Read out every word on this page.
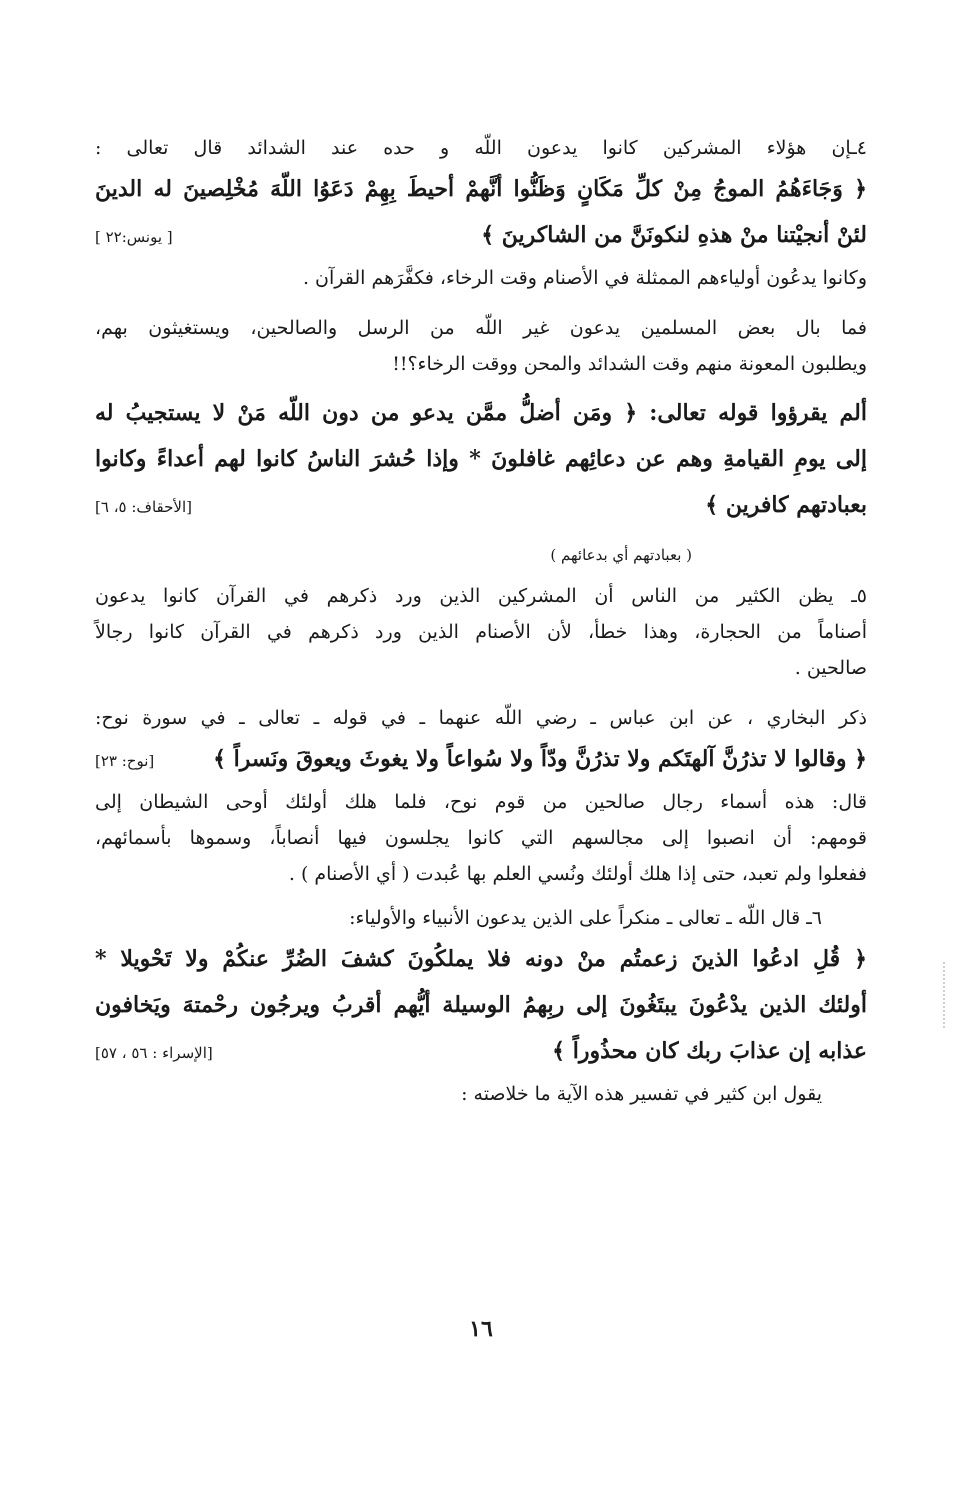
٤ـإن هؤلاء المشركين كانوا يدعون اللّه و حده عند الشدائد قال تعالى :

﴿ وَجَاءَهُمُ الموجُ مِنْ كلِّ مَكَانٍ وَظَنُّوا أنَّهمْ أحيطَ بِهِمْ دَعَوُا اللّهَ مُخْلِصينَ له الدينَ

لئنْ أنجيْتنا منْ هذهِ لنكونَنَّ من الشاكرينَ ﴾
[ يونس:٢٢ ]

وكانوا يدعُون أولياءهم الممثلة في الأصنام وقت الرخاء، فكفَّرَهم القرآن .

فما بال بعض المسلمين يدعون غير اللّه من الرسل والصالحين، ويستغيثون بهم،

ويطلبون المعونة منهم وقت الشدائد والمحن ووقت الرخاء؟!!

ألم يقرؤوا قوله تعالى: ﴿ ومَن أضلُّ ممَّن يدعو من دون اللّه مَنْ لا يستجيبُ له

إلى يومِ القيامةِ وهم عن دعائِهم غافلونَ * وإذا حُشرَ الناسُ كانوا لهم أعداءً وكانوا

بعبادتهم كافرين ﴾
[الأحقاف: ٥، ٦]

( بعبادتهم أي بدعائهم )

٥ـ يظن الكثير من الناس أن المشركين الذين ورد ذكرهم في القرآن كانوا يدعون

أصناماً من الحجارة، وهذا خطأ، لأن الأصنام الذين ورد ذكرهم في القرآن كانوا رجالاً

صالحين .

ذكر البخاري ، عن ابن عباس ـ رضي اللّه عنهما ـ في قوله ـ تعالى ـ في سورة نوح:

﴿ وقالوا لا تذرُنَّ آلهتَكم ولا تذرُنَّ ودّاً ولا سُواعاً ولا يغوثَ ويعوقَ ونَسراً ﴾
[نوح: ٢٣]

قال: هذه أسماء رجال صالحين من قوم نوح، فلما هلك أولئك أوحى الشيطان إلى

قومهم: أن انصبوا إلى مجالسهم التي كانوا يجلسون فيها أنصاباً، وسموها بأسمائهم،

ففعلوا ولم تعبد، حتى إذا هلك أولئك ونُسي العلم بها عُبدت ( أي الأصنام ) .

٦ـ قال اللّه ـ تعالى ـ منكراً على الذين يدعون الأنبياء والأولياء:

﴿ قُلِ ادعُوا الذينَ زعمتُم منْ دونه فلا يملكُونَ كشفَ الضُرِّ عنكُمْ ولا تَحْويلا *

أولئك الذين يدْعُونَ يبتَغُونَ إلى ربِهمُ الوسيلة أيُّهم أقربُ ويرجُون رحْمتهَ ويَخافون

عذابه إن عذابَ ربك كان محذُوراً ﴾
[الإسراء : ٥٦ ، ٥٧]

يقول ابن كثير في تفسير هذه الآية ما خلاصته :

١٦
